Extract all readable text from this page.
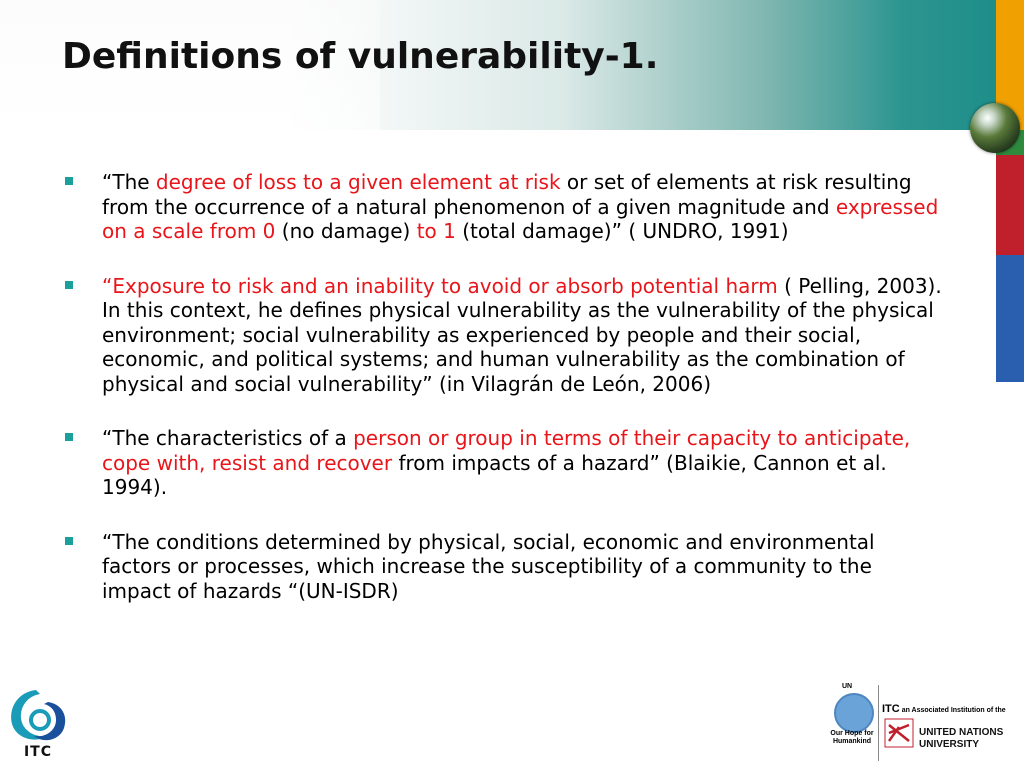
Definitions of vulnerability-1.
“The degree of loss to a given element at risk or set of elements at risk resulting from the occurrence of a natural phenomenon of a given magnitude and expressed on a scale from 0 (no damage) to 1 (total damage)” ( UNDRO, 1991)
“Exposure to risk and an inability to avoid or absorb potential harm ( Pelling, 2003). In this context, he defines physical vulnerability as the vulnerability of the physical environment; social vulnerability as experienced by people and their social, economic, and political systems; and human vulnerability as the combination of physical and social vulnerability” (in Vilagrán de León, 2006)
“The characteristics of a person or group in terms of their capacity to anticipate, cope with, resist and recover from impacts of a hazard” (Blaikie, Cannon et al. 1994).
“The conditions determined by physical, social, economic and environmental factors or processes, which increase the susceptibility of a community to the impact of hazards “(UN-ISDR)
ITC
UN
Our Hope for Humankind
ITC an Associated Institution of the
UNITED NATIONS
UNIVERSITY
